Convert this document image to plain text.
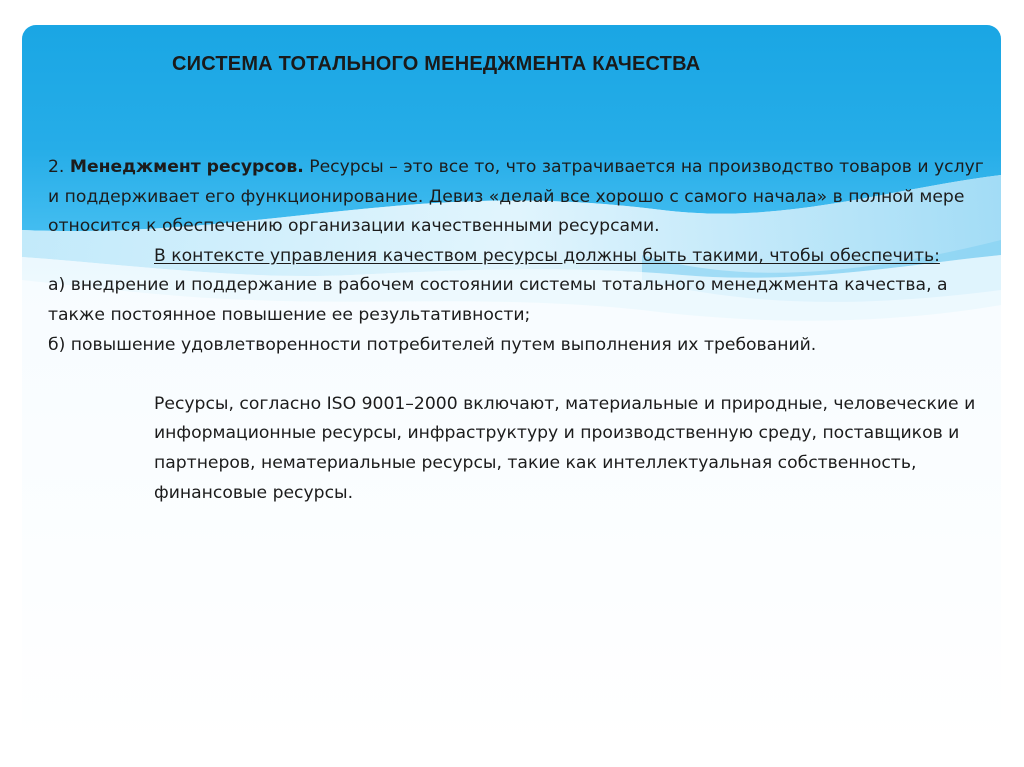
СИСТЕМА ТОТАЛЬНОГО МЕНЕДЖМЕНТА КАЧЕСТВА

2. Менеджмент ресурсов. Ресурсы – это все то, что затрачивается на производство товаров и услуг и поддерживает его функционирование. Девиз «делай все хорошо с самого начала» в полной мере относится к обеспечению организации качественными ресурсами.

В контексте управления качеством ресурсы должны быть такими, чтобы обеспечить:

а) внедрение и поддержание в рабочем состоянии системы тотального менеджмента качества, а также постоянное повышение ее результативности;

б) повышение удовлетворенности потребителей путем выполнения их требований.

Ресурсы, согласно ISO 9001–2000 включают, материальные и природные, человеческие и информационные ресурсы, инфраструктуру и производственную среду, поставщиков и партнеров, нематериальные ресурсы, такие как интеллектуальная собственность, финансовые ресурсы.
